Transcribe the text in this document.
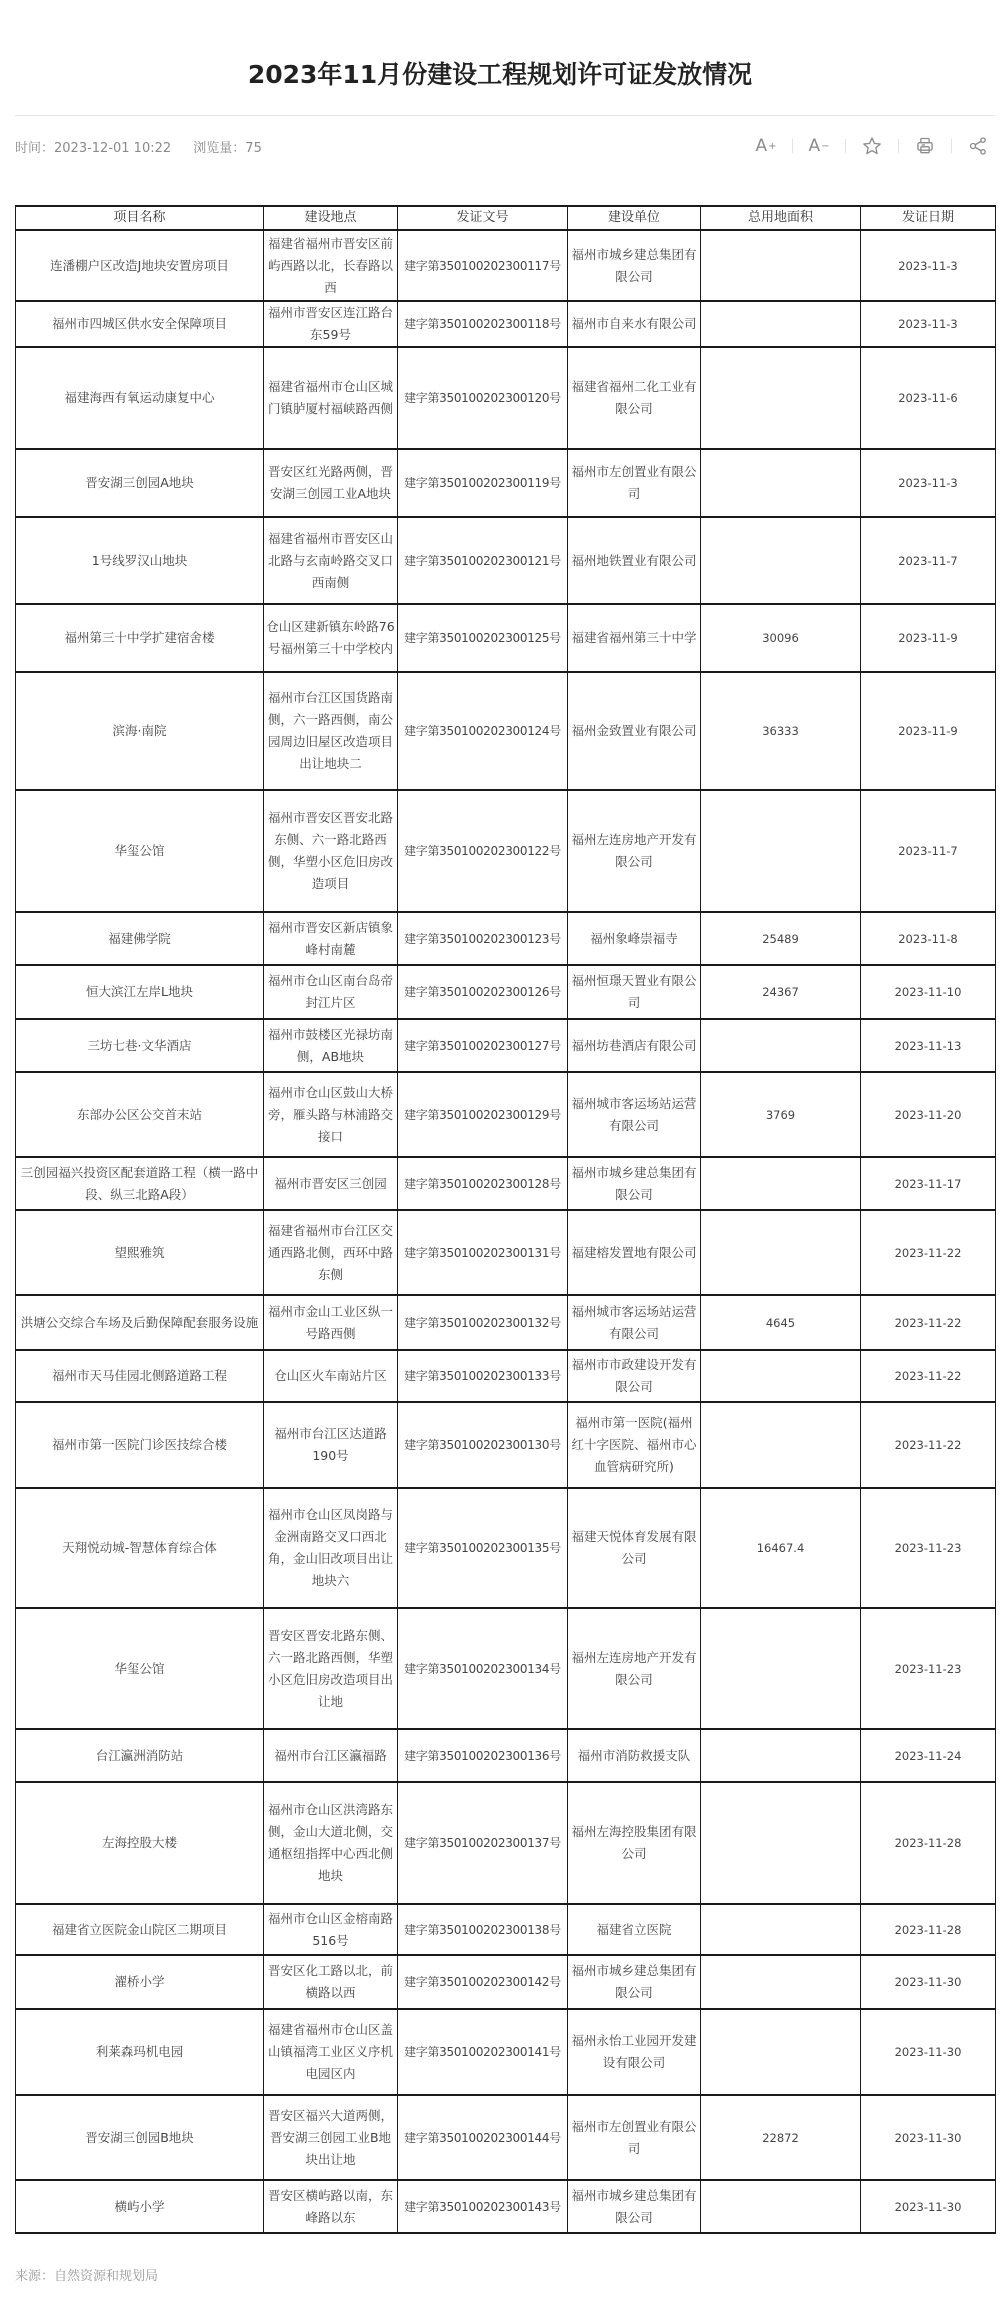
2023年11月份建设工程规划许可证发放情况
时间：2023-12-01 10:22 浏览量：75	A + A −
项目名称	建设地点	发证文号	建设单位	总用地面积	发证日期
连潘棚户区改造J地块安置房项目	福建省福州市晋安区前屿西路以北，长春路以西	建字第350100202300117号	福州市城乡建总集团有限公司		2023-11-3
福州市四城区供水安全保障项目	福州市晋安区连江路台东59号	建字第350100202300118号	福州市自来水有限公司		2023-11-3
福建海西有氧运动康复中心	福建省福州市仓山区城门镇胪厦村福峡路西侧	建字第350100202300120号	福建省福州二化工业有限公司		2023-11-6
晋安湖三创园A地块	晋安区红光路两侧，晋安湖三创园工业A地块	建字第350100202300119号	福州市左创置业有限公司		2023-11-3
1号线罗汉山地块	福建省福州市晋安区山北路与玄南岭路交叉口西南侧	建字第350100202300121号	福州地铁置业有限公司		2023-11-7
福州第三十中学扩建宿舍楼	仓山区建新镇东岭路76号福州第三十中学校内	建字第350100202300125号	福建省福州第三十中学	30096	2023-11-9
滨海·南院	福州市台江区国货路南侧，六一路西侧，南公园周边旧屋区改造项目出让地块二	建字第350100202300124号	福州金致置业有限公司	36333	2023-11-9
华玺公馆	福州市晋安区晋安北路东侧、六一路北路西侧，华塑小区危旧房改造项目	建字第350100202300122号	福州左连房地产开发有限公司		2023-11-7
福建佛学院	福州市晋安区新店镇象峰村南麓	建字第350100202300123号	福州象峰崇福寺	25489	2023-11-8
恒大滨江左岸L地块	福州市仓山区南台岛帝封江片区	建字第350100202300126号	福州恒璟天置业有限公司	24367	2023-11-10
三坊七巷·文华酒店	福州市鼓楼区光禄坊南侧，AB地块	建字第350100202300127号	福州坊巷酒店有限公司		2023-11-13
东部办公区公交首末站	福州市仓山区鼓山大桥旁，雁头路与林浦路交接口	建字第350100202300129号	福州城市客运场站运营有限公司	3769	2023-11-20
三创园福兴投资区配套道路工程（横一路中段、纵三北路A段）	福州市晋安区三创园	建字第350100202300128号	福州市城乡建总集团有限公司		2023-11-17
望熙雅筑	福建省福州市台江区交通西路北侧，西环中路东侧	建字第350100202300131号	福建榕发置地有限公司		2023-11-22
洪塘公交综合车场及后勤保障配套服务设施	福州市金山工业区纵一号路西侧	建字第350100202300132号	福州城市客运场站运营有限公司	4645	2023-11-22
福州市天马佳园北侧路道路工程	仓山区火车南站片区	建字第350100202300133号	福州市市政建设开发有限公司		2023-11-22
福州市第一医院门诊医技综合楼	福州市台江区达道路190号	建字第350100202300130号	福州市第一医院(福州红十字医院、福州市心血管病研究所)		2023-11-22
天翔悦动城-智慧体育综合体	福州市仓山区凤岗路与金洲南路交叉口西北角，金山旧改项目出让地块六	建字第350100202300135号	福建天悦体育发展有限公司	16467.4	2023-11-23
华玺公馆	晋安区晋安北路东侧、六一路北路西侧，华塑小区危旧房改造项目出让地	建字第350100202300134号	福州左连房地产开发有限公司		2023-11-23
台江瀛洲消防站	福州市台江区瀛福路	建字第350100202300136号	福州市消防救援支队		2023-11-24
左海控股大楼	福州市仓山区洪湾路东侧，金山大道北侧，交通枢纽指挥中心西北侧地块	建字第350100202300137号	福州左海控股集团有限公司		2023-11-28
福建省立医院金山院区二期项目	福州市仓山区金榕南路516号	建字第350100202300138号	福建省立医院		2023-11-28
濯桥小学	晋安区化工路以北，前横路以西	建字第350100202300142号	福州市城乡建总集团有限公司		2023-11-30
利莱森玛机电园	福建省福州市仓山区盖山镇福湾工业区义序机电园区内	建字第350100202300141号	福州永怡工业园开发建设有限公司		2023-11-30
晋安湖三创园B地块	晋安区福兴大道两侧，晋安湖三创园工业B地块出让地	建字第350100202300144号	福州市左创置业有限公司	22872	2023-11-30
横屿小学	晋安区横屿路以南，东峰路以东	建字第350100202300143号	福州市城乡建总集团有限公司		2023-11-30
来源：自然资源和规划局
